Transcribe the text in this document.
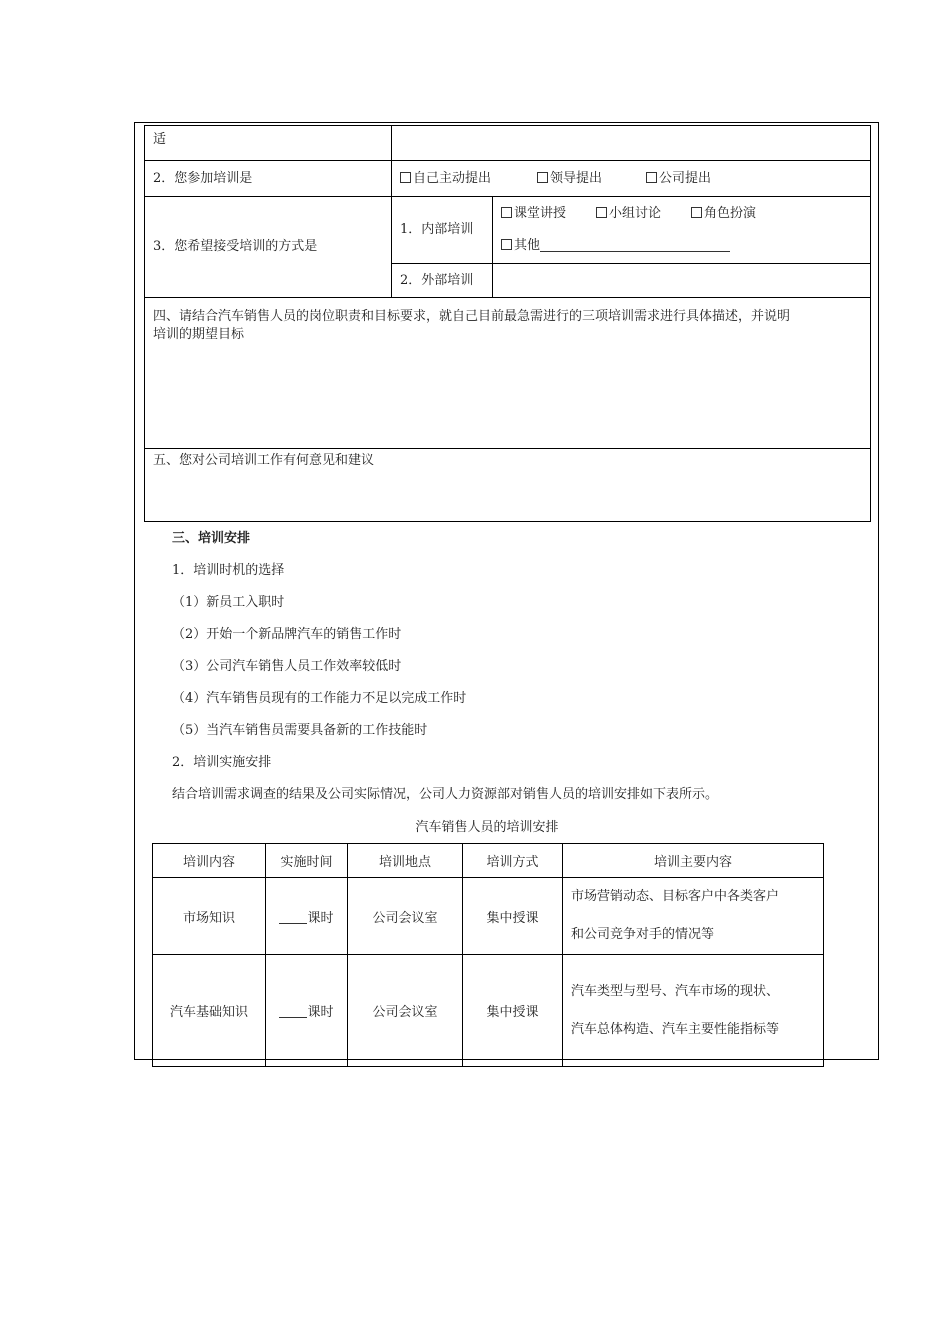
适		
2．您参加培训是	自己主动提出 领导提出 公司提出	
3．您希望接受培训的方式是	1．内部培训	课堂讲授 小组讨论 角色扮演
其他

	2．外部培训	

四、请结合汽车销售人员的岗位职责和目标要求，就自己目前最急需进行的三项培训需求进行具体描述，并说明
培训的期望目标		

五、您对公司培训工作有何意见和建议		
三、培训安排
1．培训时机的选择
（1）新员工入职时
（2）开始一个新品牌汽车的销售工作时
（3）公司汽车销售人员工作效率较低时
（4）汽车销售员现有的工作能力不足以完成工作时
（5）当汽车销售员需要具备新的工作技能时
2．培训实施安排
结合培训需求调查的结果及公司实际情况，公司人力资源部对销售人员的培训安排如下表所示。
汽车销售人员的培训安排
培训内容	实施时间	培训地点	培训方式	培训主要内容
市场知识	课时	公司会议室	集中授课	市场营销动态、目标客户中各类客户
和公司竞争对手的情况等

汽车基础知识	课时	公司会议室	集中授课	汽车类型与型号、汽车市场的现状、
汽车总体构造、汽车主要性能指标等
